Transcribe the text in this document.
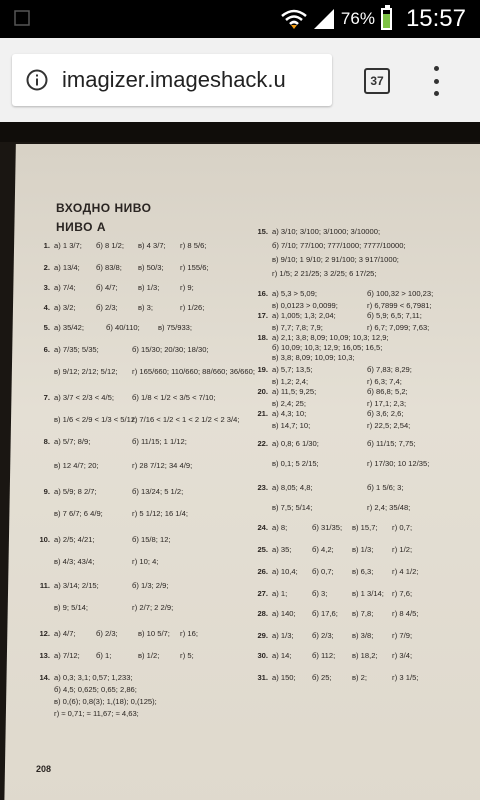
76% 15:57
imagizer.imageshack.u	37
ВХОДНО НИВО
НИВО А
1. а) 1 3/7; б) 8 1/2; в) 4 3/7; г) 8 5/6;
2. а) 13/4; б) 83/8; в) 50/3; г) 155/6;
3. а) 7/4;	б) 4/7;	в) 1/3;	г) 9;
4. а) 3/2;	б) 2/3;	в) 3;	г) 1/26;
5. а) 35/42;	б) 40/110; в) 75/933;
6. а) 7/35; 5/35;	б) 15/30; 20/30; 18/30;
в) 9/12; 2/12; 5/12; г) 165/660; 110/660; 88/660; 36/660;
7. а) 3/7 < 2/3 < 4/5; б) 1/8 < 1/2 < 3/5 < 7/10;
в) 1/6 < 2/9 < 1/3 < 5/12;г) 7/16 < 1/2 < 1 < 2 1/2 < 2 3/4;
8. а) 5/7; 8/9;	б) 11/15; 1 1/12;
в) 12 4/7; 20;	г) 28 7/12; 34 4/9;
9. а) 5/9; 8 2/7;	б) 13/24; 5 1/2;
в) 7 6/7; 6 4/9;	г) 5 1/12; 16 1/4;
10. а) 2/5; 4/21;	б) 15/8; 12;
в) 4/3; 43/4;	г) 10; 4;
11. а) 3/14; 2/15;	б) 1/3; 2/9;
в) 9; 5/14;	г) 2/7; 2 2/9;
12. а) 4/7;	б) 2/3;	в) 10 5/7; г) 16;
13. а) 7/12; б) 1;	в) 1/2;	г) 5;
14. а) 0,3; 3,1; 0,57; 1,233;
б) 4,5; 0,625; 0,65; 2,86;
в) 0,(6); 0,8(3); 1,(18); 0,(125);
г) ≈ 0,71; ≈ 11,67; ≈ 4,63;
15. а) 3/10; 3/100; 3/1000; 3/10000;
б) 7/10; 77/100; 777/1000; 7777/10000;
в) 9/10; 1 9/10; 2 91/100; 3 917/1000;
г) 1/5; 2 21/25; 3 2/25; 6 17/25;
16. а) 5,3 > 5,09;	б) 100,32 > 100,23;
в) 0,0123 > 0,0099;	г) 6,7899 < 6,7981;
17. а) 1,005; 1,3; 2,04;	б) 5,9; 6,5; 7,11;
в) 7,7; 7,8; 7,9;	г) 6,7; 7,099; 7,63;
18. а) 2,1; 3,8; 8,09; 10,09; 10,3; 12,9;
б) 10,09; 10,3; 12,9; 16,05; 16,5;
в) 3,8; 8,09; 10,09; 10,3;
19. а) 5,7; 13,5;	б) 7,83; 8,29;
в) 1,2; 2,4;	г) 6,3; 7,4;
20. а) 11,5; 9,25;	б) 86,8; 5,2;
в) 2,4; 25;	г) 17,1; 2,3;
21. а) 4,3; 10;	б) 3,6; 2,6;
в) 14,7; 10;	г) 22,5; 2,54;
22. а) 0,8; 6 1/30;	б) 11/15; 7,75;
в) 0,1; 5 2/15;	г) 17/30; 10 12/35;
23. а) 8,05; 4,8;	б) 1 5/6; 3;
в) 7,5; 5/14;	г) 2,4; 35/48;
24. а) 8;	б) 31/35; в) 15,7; г) 0,7;
25. а) 35;	б) 4,2; в) 1/3; г) 1/2;
26. а) 10,4; б) 0,7; в) 6,3; г) 4 1/2;
27. а) 1;	б) 3;	в) 1 3/14; г) 7,6;
28. а) 140; б) 17,6; в) 7,8; г) 8 4/5;
29. а) 1/3; б) 2/3; в) 3/8; г) 7/9;
30. а) 14;	б) 112; в) 18,2; г) 3/4;
31. а) 150; б) 25;	в) 2;	г) 3 1/5;
208
